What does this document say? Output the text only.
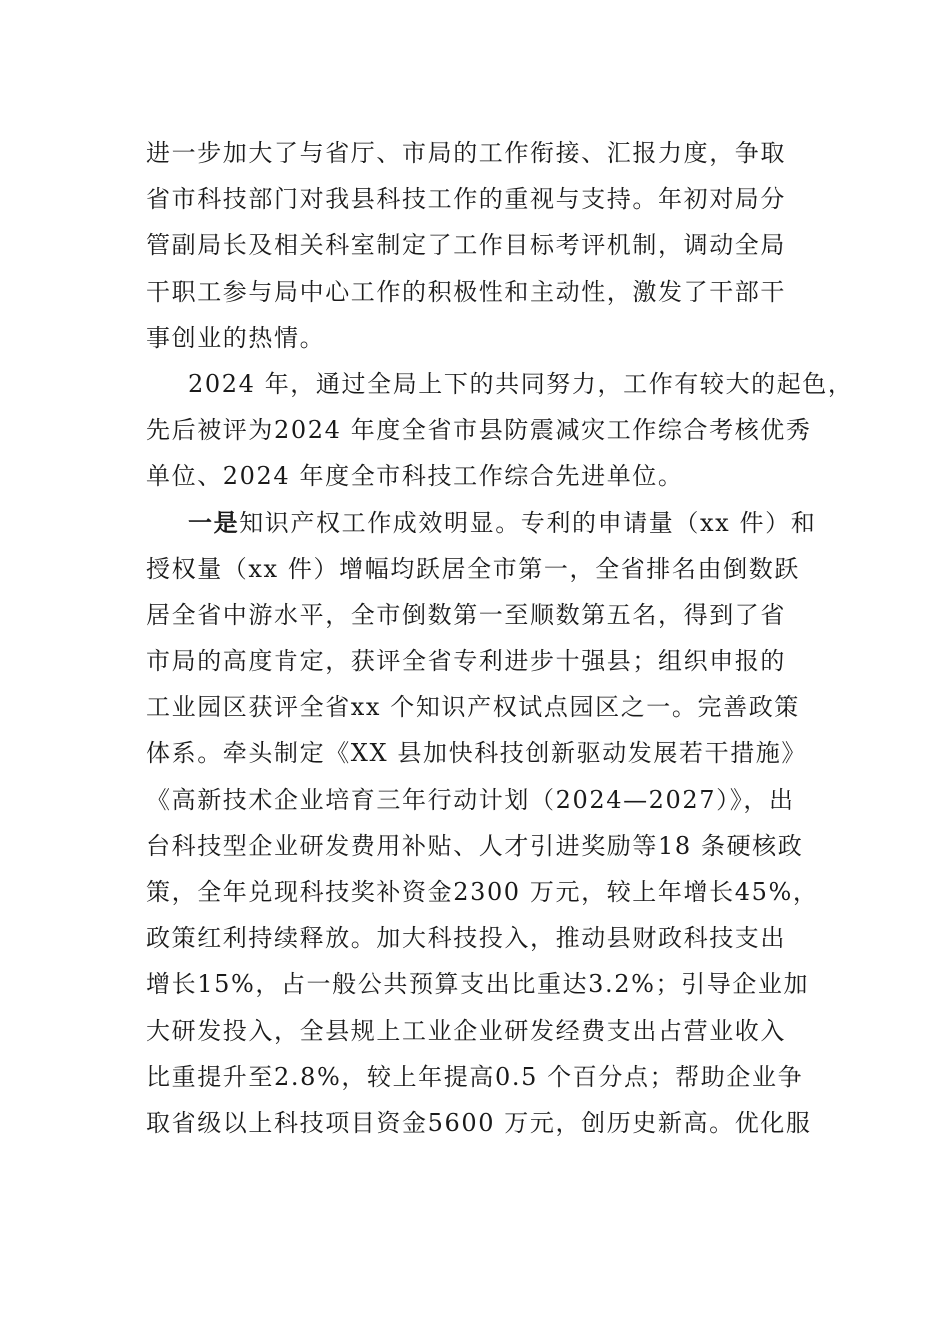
进一步加大了与省厅、市局的工作衔接、汇报力度，争取
省市科技部门对我县科技工作的重视与支持。年初对局分
管副局长及相关科室制定了工作目标考评机制，调动全局
干职工参与局中心工作的积极性和主动性，激发了干部干
事创业的热情。
2024 年，通过全局上下的共同努力，工作有较大的起色，
先后被评为2024 年度全省市县防震减灾工作综合考核优秀
单位、2024 年度全市科技工作综合先进单位。
一是知识产权工作成效明显。专利的申请量（xx 件）和
授权量（xx 件）增幅均跃居全市第一，全省排名由倒数跃
居全省中游水平，全市倒数第一至顺数第五名，得到了省
市局的高度肯定，获评全省专利进步十强县；组织申报的
工业园区获评全省xx 个知识产权试点园区之一。完善政策
体系。牵头制定《XX 县加快科技创新驱动发展若干措施》
《高新技术企业培育三年行动计划（2024—2027）》，出
台科技型企业研发费用补贴、人才引进奖励等18 条硬核政
策，全年兑现科技奖补资金2300 万元，较上年增长45%，
政策红利持续释放。加大科技投入，推动县财政科技支出
增长15%，占一般公共预算支出比重达3.2%；引导企业加
大研发投入，全县规上工业企业研发经费支出占营业收入
比重提升至2.8%，较上年提高0.5 个百分点；帮助企业争
取省级以上科技项目资金5600 万元，创历史新高。优化服
